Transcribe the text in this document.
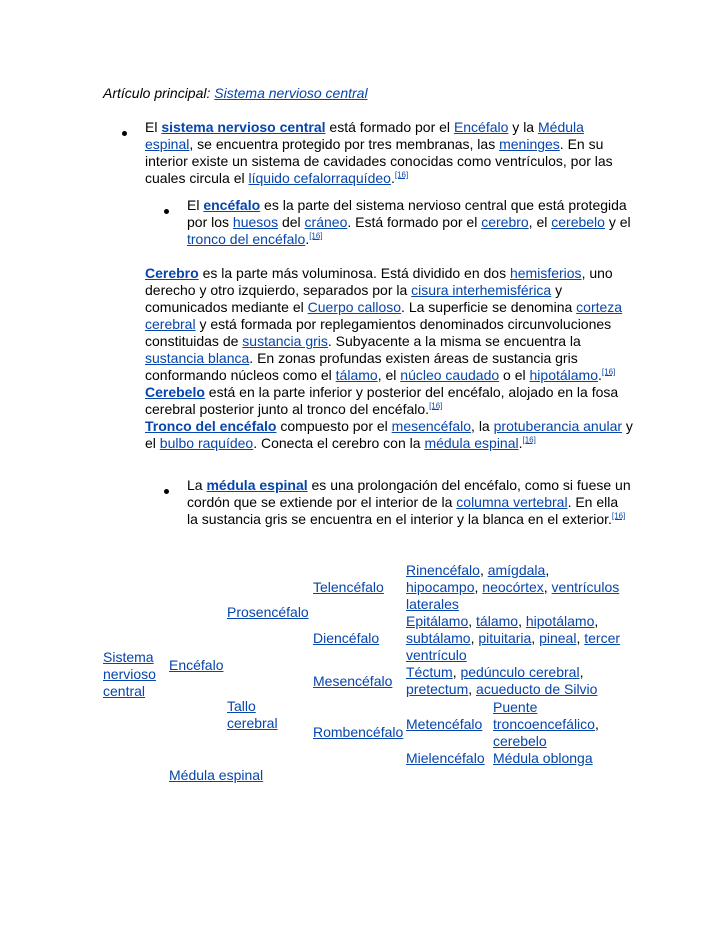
Artículo principal: Sistema nervioso central
El sistema nervioso central está formado por el Encéfalo y la Médula espinal, se encuentra protegido por tres membranas, las meninges. En su interior existe un sistema de cavidades conocidas como ventrículos, por las cuales circula el líquido cefalorraquídeo.[16]
El encéfalo es la parte del sistema nervioso central que está protegida por los huesos del cráneo. Está formado por el cerebro, el cerebelo y el tronco del encéfalo.[16]
Cerebro es la parte más voluminosa. Está dividido en dos hemisferios, uno derecho y otro izquierdo, separados por la cisura interhemisférica y comunicados mediante el Cuerpo calloso. La superficie se denomina corteza cerebral y está formada por replegamientos denominados circunvoluciones constituidas de sustancia gris. Subyacente a la misma se encuentra la sustancia blanca. En zonas profundas existen áreas de sustancia gris conformando núcleos como el tálamo, el núcleo caudado o el hipotálamo.[16]
Cerebelo está en la parte inferior y posterior del encéfalo, alojado en la fosa cerebral posterior junto al tronco del encéfalo.[16]
Tronco del encéfalo compuesto por el mesencéfalo, la protuberancia anular y el bulbo raquídeo. Conecta el cerebro con la médula espinal.[16]
La médula espinal es una prolongación del encéfalo, como si fuese un cordón que se extiende por el interior de la columna vertebral. En ella la sustancia gris se encuentra en el interior y la blanca en el exterior.[16]
Sistema
nervioso
central
Encéfalo
Prosencéfalo
Telencéfalo
Rinencéfalo, amígdala,
hipocampo, neocórtex, ventrículos
laterales
Diencéfalo
Epitálamo, tálamo, hipotálamo,
subtálamo, pituitaria, pineal, tercer
ventrículo
Tallo
cerebral
Mesencéfalo
Téctum, pedúnculo cerebral,
pretectum, acueducto de Silvio
Rombencéfalo Metencéfalo
Puente
troncoencefálico,
cerebelo
Mielencéfalo Médula oblonga
Médula espinal
